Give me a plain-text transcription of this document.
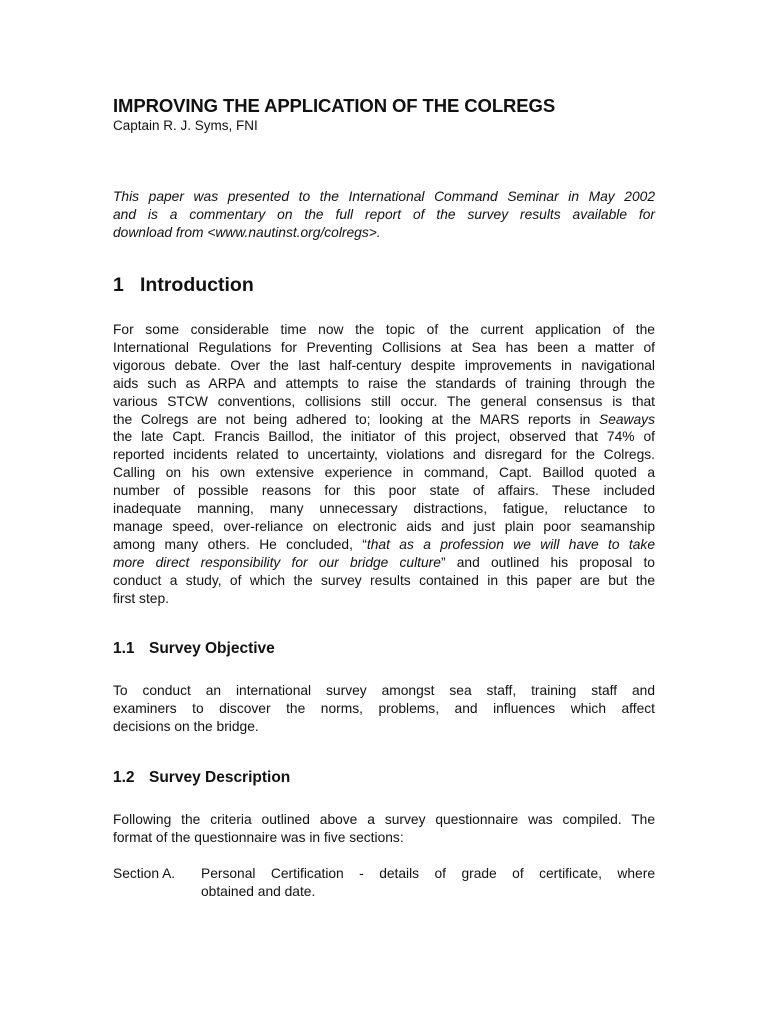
IMPROVING THE APPLICATION OF THE COLREGS

Captain R. J. Syms, FNI

This paper was presented to the International Command Seminar in May 2002
and is a commentary on the full report of the survey results available for
download from <www.nautinst.org/colregs>.

1 Introduction

For some considerable time now the topic of the current application of the
International Regulations for Preventing Collisions at Sea has been a matter of
vigorous debate. Over the last half-century despite improvements in navigational
aids such as ARPA and attempts to raise the standards of training through the
various STCW conventions, collisions still occur. The general consensus is that
the Colregs are not being adhered to; looking at the MARS reports in Seaways
the late Capt. Francis Baillod, the initiator of this project, observed that 74% of
reported incidents related to uncertainty, violations and disregard for the Colregs.
Calling on his own extensive experience in command, Capt. Baillod quoted a
number of possible reasons for this poor state of affairs. These included
inadequate manning, many unnecessary distractions, fatigue, reluctance to
manage speed, over-reliance on electronic aids and just plain poor seamanship
among many others. He concluded, “that as a profession we will have to take
more direct responsibility for our bridge culture” and outlined his proposal to
conduct a study, of which the survey results contained in this paper are but the
first step.

1.1 Survey Objective

To conduct an international survey amongst sea staff, training staff and
examiners to discover the norms, problems, and influences which affect
decisions on the bridge.

1.2 Survey Description

Following the criteria outlined above a survey questionnaire was compiled. The
format of the questionnaire was in five sections:

Section A. Personal Certification - details of grade of certificate, where
obtained and date.
